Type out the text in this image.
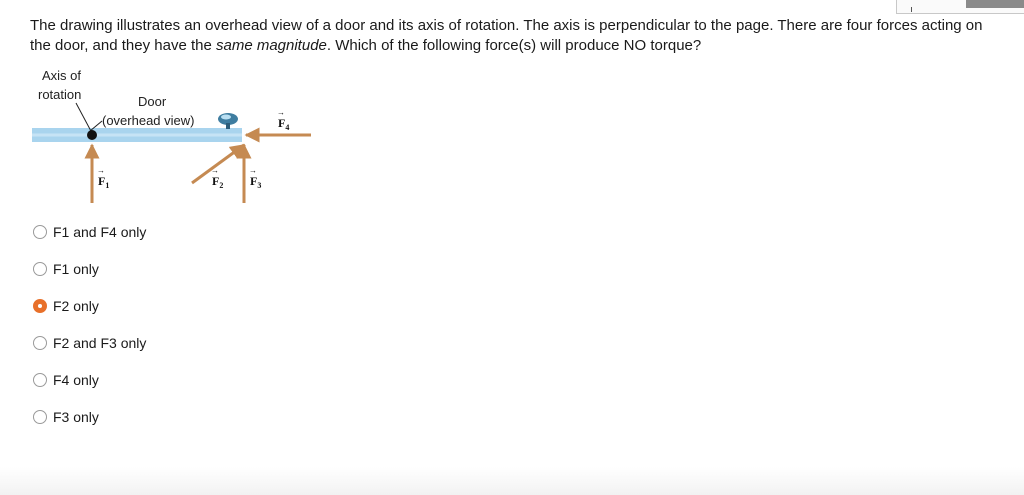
The drawing illustrates an overhead view of a door and its axis of rotation. The axis is perpendicular to the page. There are four forces acting on the door, and they have the same magnitude. Which of the following force(s) will produce NO torque?
Axis of
rotation	Door
(overhead view)
$F_1$
→
$F_2$
→
$F_3$
→
$F_4$
→
F1 and F4 only
F1 only
F2 only
F2 and F3 only
F4 only
F3 only
